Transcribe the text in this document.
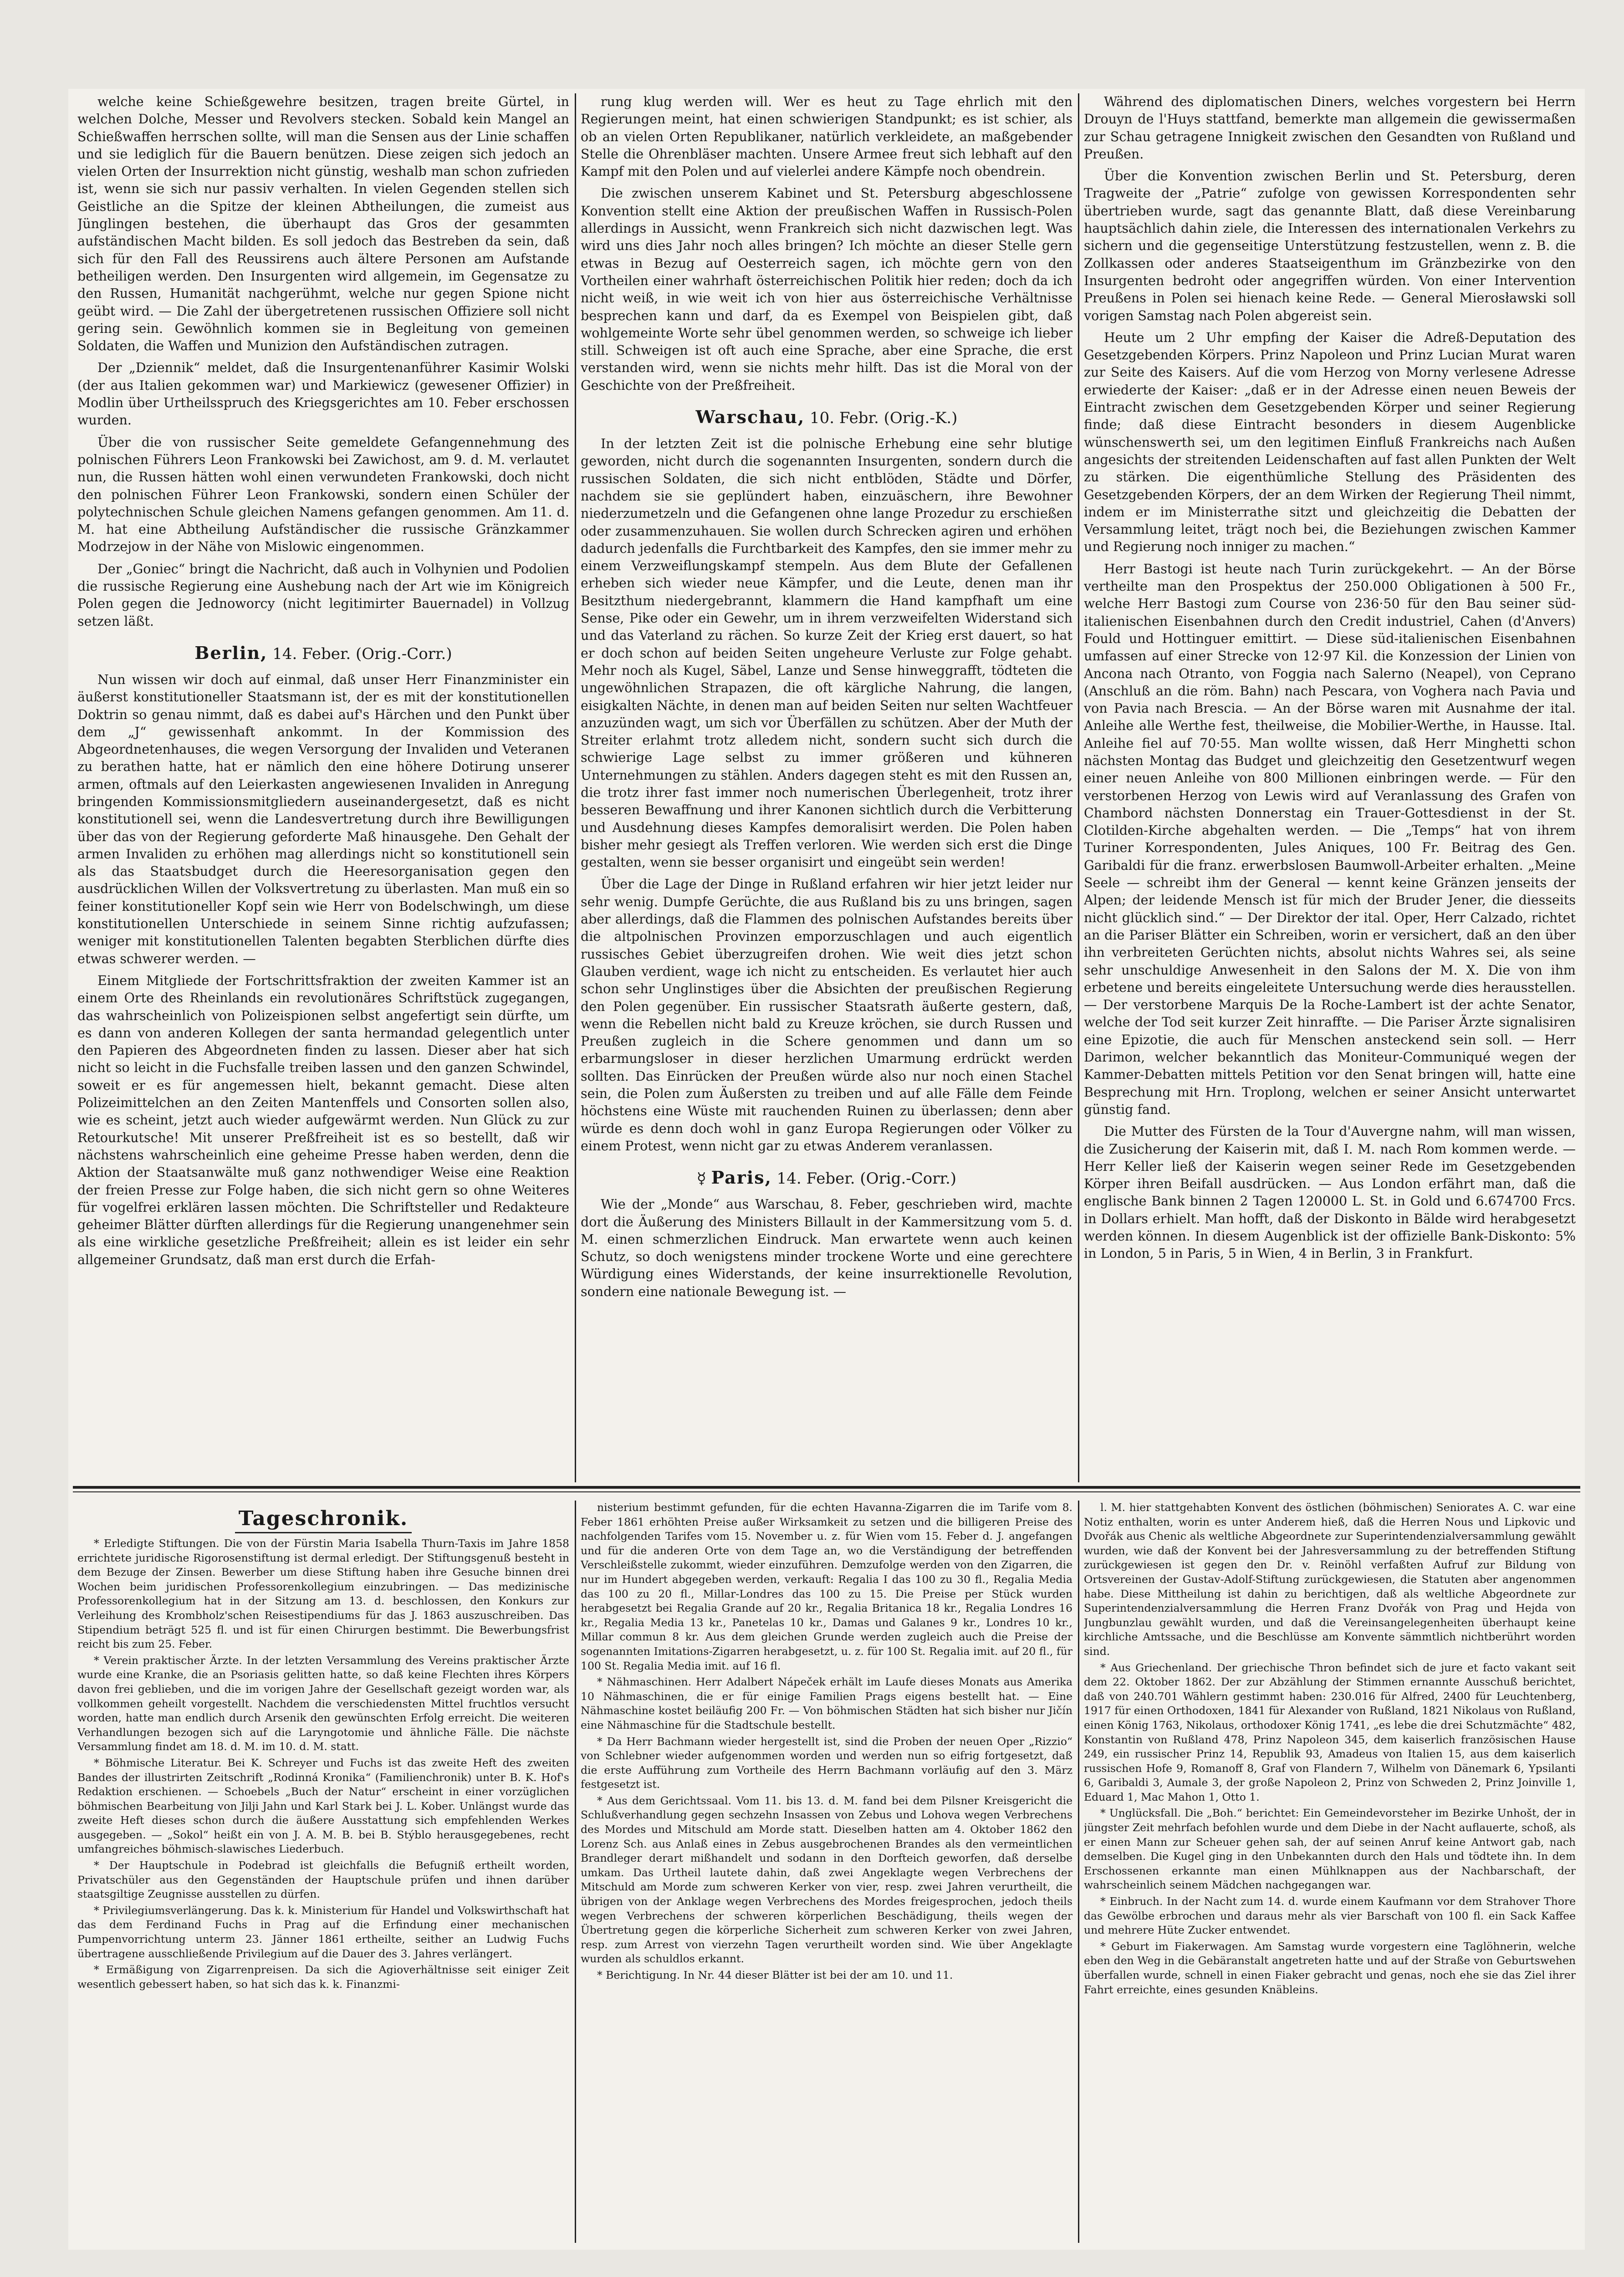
welche keine Schießgewehre besitzen, tragen breite Gürtel, in welchen Dolche, Messer und Revolvers stecken. Sobald kein Mangel an Schießwaffen herrschen sollte, will man die Sensen aus der Linie schaffen und sie lediglich für die Bauern benützen. Diese zeigen sich jedoch an vielen Orten der Insurrektion nicht günstig, weshalb man schon zufrieden ist, wenn sie sich nur passiv verhalten. In vielen Gegenden stellen sich Geistliche an die Spitze der kleinen Abtheilungen, die zumeist aus Jünglingen bestehen, die überhaupt das Gros der gesammten aufständischen Macht bilden. Es soll jedoch das Bestreben da sein, daß sich für den Fall des Reussirens auch ältere Personen am Aufstande betheiligen werden. Den Insurgenten wird allgemein, im Gegensatze zu den Russen, Humanität nachgerühmt, welche nur gegen Spione nicht geübt wird. — Die Zahl der übergetretenen russischen Offiziere soll nicht gering sein. Gewöhnlich kommen sie in Begleitung von gemeinen Soldaten, die Waffen und Munizion den Aufständischen zutragen.

Der „Dziennik“ meldet, daß die Insurgentenanführer Kasimir Wolski (der aus Italien gekommen war) und Markiewicz (gewesener Offizier) in Modlin über Urtheilsspruch des Kriegsgerichtes am 10. Feber erschossen wurden.

Über die von russischer Seite gemeldete Gefangennehmung des polnischen Führers Leon Frankowski bei Zawichost, am 9. d. M. verlautet nun, die Russen hätten wohl einen verwundeten Frankowski, doch nicht den polnischen Führer Leon Frankowski, sondern einen Schüler der polytechnischen Schule gleichen Namens gefangen genommen. Am 11. d. M. hat eine Abtheilung Aufständischer die russische Gränzkammer Modrzejow in der Nähe von Mislowic eingenommen.

Der „Goniec“ bringt die Nachricht, daß auch in Volhynien und Podolien die russische Regierung eine Aushebung nach der Art wie im Königreich Polen gegen die Jednoworcy (nicht legitimirter Bauernadel) in Vollzug setzen läßt.

Berlin, 14. Feber. (Orig.-Corr.)

Nun wissen wir doch auf einmal, daß unser Herr Finanzminister ein äußerst konstitutioneller Staatsmann ist, der es mit der konstitutionellen Doktrin so genau nimmt, daß es dabei auf's Härchen und den Punkt über dem „J“ gewissenhaft ankommt. In der Kommission des Abgeordnetenhauses, die wegen Versorgung der Invaliden und Veteranen zu berathen hatte, hat er nämlich den eine höhere Dotirung unserer armen, oftmals auf den Leierkasten angewiesenen Invaliden in Anregung bringenden Kommissionsmitgliedern auseinandergesetzt, daß es nicht konstitutionell sei, wenn die Landesvertretung durch ihre Bewilligungen über das von der Regierung geforderte Maß hinausgehe. Den Gehalt der armen Invaliden zu erhöhen mag allerdings nicht so konstitutionell sein als das Staatsbudget durch die Heeresorganisation gegen den ausdrücklichen Willen der Volksvertretung zu überlasten. Man muß ein so feiner konstitutioneller Kopf sein wie Herr von Bodelschwingh, um diese konstitutionellen Unterschiede in seinem Sinne richtig aufzufassen; weniger mit konstitutionellen Talenten begabten Sterblichen dürfte dies etwas schwerer werden. —

Einem Mitgliede der Fortschrittsfraktion der zweiten Kammer ist an einem Orte des Rheinlands ein revolutionäres Schriftstück zugegangen, das wahrscheinlich von Polizeispionen selbst angefertigt sein dürfte, um es dann von anderen Kollegen der santa hermandad gelegentlich unter den Papieren des Abgeordneten finden zu lassen. Dieser aber hat sich nicht so leicht in die Fuchsfalle treiben lassen und den ganzen Schwindel, soweit er es für angemessen hielt, bekannt gemacht. Diese alten Polizeimittelchen an den Zeiten Mantenffels und Consorten sollen also, wie es scheint, jetzt auch wieder aufgewärmt werden. Nun Glück zu zur Retourkutsche! Mit unserer Preßfreiheit ist es so bestellt, daß wir nächstens wahrscheinlich eine geheime Presse haben werden, denn die Aktion der Staatsanwälte muß ganz nothwendiger Weise eine Reaktion der freien Presse zur Folge haben, die sich nicht gern so ohne Weiteres für vogelfrei erklären lassen möchten. Die Schriftsteller und Redakteure geheimer Blätter dürften allerdings für die Regierung unangenehmer sein als eine wirkliche gesetzliche Preßfreiheit; allein es ist leider ein sehr allgemeiner Grundsatz, daß man erst durch die Erfah-

rung klug werden will. Wer es heut zu Tage ehrlich mit den Regierungen meint, hat einen schwierigen Standpunkt; es ist schier, als ob an vielen Orten Republikaner, natürlich verkleidete, an maßgebender Stelle die Ohrenbläser machten. Unsere Armee freut sich lebhaft auf den Kampf mit den Polen und auf vielerlei andere Kämpfe noch obendrein.

Die zwischen unserem Kabinet und St. Petersburg abgeschlossene Konvention stellt eine Aktion der preußischen Waffen in Russisch-Polen allerdings in Aussicht, wenn Frankreich sich nicht dazwischen legt. Was wird uns dies Jahr noch alles bringen? Ich möchte an dieser Stelle gern etwas in Bezug auf Oesterreich sagen, ich möchte gern von den Vortheilen einer wahrhaft österreichischen Politik hier reden; doch da ich nicht weiß, in wie weit ich von hier aus österreichische Verhältnisse besprechen kann und darf, da es Exempel von Beispielen gibt, daß wohlgemeinte Worte sehr übel genommen werden, so schweige ich lieber still. Schweigen ist oft auch eine Sprache, aber eine Sprache, die erst verstanden wird, wenn sie nichts mehr hilft. Das ist die Moral von der Geschichte von der Preßfreiheit.

Warschau, 10. Febr. (Orig.-K.)

In der letzten Zeit ist die polnische Erhebung eine sehr blutige geworden, nicht durch die sogenannten Insurgenten, sondern durch die russischen Soldaten, die sich nicht entblöden, Städte und Dörfer, nachdem sie sie geplündert haben, einzuäschern, ihre Bewohner niederzumetzeln und die Gefangenen ohne lange Prozedur zu erschießen oder zusammenzuhauen. Sie wollen durch Schrecken agiren und erhöhen dadurch jedenfalls die Furchtbarkeit des Kampfes, den sie immer mehr zu einem Verzweiflungskampf stempeln. Aus dem Blute der Gefallenen erheben sich wieder neue Kämpfer, und die Leute, denen man ihr Besitzthum niedergebrannt, klammern die Hand kampfhaft um eine Sense, Pike oder ein Gewehr, um in ihrem verzweifelten Widerstand sich und das Vaterland zu rächen. So kurze Zeit der Krieg erst dauert, so hat er doch schon auf beiden Seiten ungeheure Verluste zur Folge gehabt. Mehr noch als Kugel, Säbel, Lanze und Sense hinweggrafft, tödteten die ungewöhnlichen Strapazen, die oft kärgliche Nahrung, die langen, eisigkalten Nächte, in denen man auf beiden Seiten nur selten Wachtfeuer anzuzünden wagt, um sich vor Überfällen zu schützen. Aber der Muth der Streiter erlahmt trotz alledem nicht, sondern sucht sich durch die schwierige Lage selbst zu immer größeren und kühneren Unternehmungen zu stählen. Anders dagegen steht es mit den Russen an, die trotz ihrer fast immer noch numerischen Überlegenheit, trotz ihrer besseren Bewaffnung und ihrer Kanonen sichtlich durch die Verbitterung und Ausdehnung dieses Kampfes demoralisirt werden. Die Polen haben bisher mehr gesiegt als Treffen verloren. Wie werden sich erst die Dinge gestalten, wenn sie besser organisirt und eingeübt sein werden!

Über die Lage der Dinge in Rußland erfahren wir hier jetzt leider nur sehr wenig. Dumpfe Gerüchte, die aus Rußland bis zu uns bringen, sagen aber allerdings, daß die Flammen des polnischen Aufstandes bereits über die altpolnischen Provinzen emporzuschlagen und auch eigentlich russisches Gebiet überzugreifen drohen. Wie weit dies jetzt schon Glauben verdient, wage ich nicht zu entscheiden. Es verlautet hier auch schon sehr Unglinstiges über die Absichten der preußischen Regierung den Polen gegenüber. Ein russischer Staatsrath äußerte gestern, daß, wenn die Rebellen nicht bald zu Kreuze kröchen, sie durch Russen und Preußen zugleich in die Schere genommen und dann um so erbarmungsloser in dieser herzlichen Umarmung erdrückt werden sollten. Das Einrücken der Preußen würde also nur noch einen Stachel sein, die Polen zum Äußersten zu treiben und auf alle Fälle dem Feinde höchstens eine Wüste mit rauchenden Ruinen zu überlassen; denn aber würde es denn doch wohl in ganz Europa Regierungen oder Völker zu einem Protest, wenn nicht gar zu etwas Anderem veranlassen.

☿ Paris, 14. Feber. (Orig.-Corr.)

Wie der „Monde“ aus Warschau, 8. Feber, geschrieben wird, machte dort die Äußerung des Ministers Billault in der Kammersitzung vom 5. d. M. einen schmerzlichen Eindruck. Man erwartete wenn auch keinen Schutz, so doch wenigstens minder trockene Worte und eine gerechtere Würdigung eines Widerstands, der keine insurrektionelle Revolution, sondern eine nationale Bewegung ist. —

Während des diplomatischen Diners, welches vorgestern bei Herrn Drouyn de l'Huys stattfand, bemerkte man allgemein die gewissermaßen zur Schau getragene Innigkeit zwischen den Gesandten von Rußland und Preußen.

Über die Konvention zwischen Berlin und St. Petersburg, deren Tragweite der „Patrie“ zufolge von gewissen Korrespondenten sehr übertrieben wurde, sagt das genannte Blatt, daß diese Vereinbarung hauptsächlich dahin ziele, die Interessen des internationalen Verkehrs zu sichern und die gegenseitige Unterstützung festzustellen, wenn z. B. die Zollkassen oder anderes Staatseigenthum im Gränzbezirke von den Insurgenten bedroht oder angegriffen würden. Von einer Intervention Preußens in Polen sei hienach keine Rede. — General Mierosławski soll vorigen Samstag nach Polen abgereist sein.

Heute um 2 Uhr empfing der Kaiser die Adreß-Deputation des Gesetzgebenden Körpers. Prinz Napoleon und Prinz Lucian Murat waren zur Seite des Kaisers. Auf die vom Herzog von Morny verlesene Adresse erwiederte der Kaiser: „daß er in der Adresse einen neuen Beweis der Eintracht zwischen dem Gesetzgebenden Körper und seiner Regierung finde; daß diese Eintracht besonders in diesem Augenblicke wünschenswerth sei, um den legitimen Einfluß Frankreichs nach Außen angesichts der streitenden Leidenschaften auf fast allen Punkten der Welt zu stärken. Die eigenthümliche Stellung des Präsidenten des Gesetzgebenden Körpers, der an dem Wirken der Regierung Theil nimmt, indem er im Ministerrathe sitzt und gleichzeitig die Debatten der Versammlung leitet, trägt noch bei, die Beziehungen zwischen Kammer und Regierung noch inniger zu machen.“

Herr Bastogi ist heute nach Turin zurückgekehrt. — An der Börse vertheilte man den Prospektus der 250.000 Obligationen à 500 Fr., welche Herr Bastogi zum Course von 236·50 für den Bau seiner süd-italienischen Eisenbahnen durch den Credit industriel, Cahen (d'Anvers) Fould und Hottinguer emittirt. — Diese süd-italienischen Eisenbahnen umfassen auf einer Strecke von 12·97 Kil. die Konzession der Linien von Ancona nach Otranto, von Foggia nach Salerno (Neapel), von Ceprano (Anschluß an die röm. Bahn) nach Pescara, von Voghera nach Pavia und von Pavia nach Brescia. — An der Börse waren mit Ausnahme der ital. Anleihe alle Werthe fest, theilweise, die Mobilier-Werthe, in Hausse. Ital. Anleihe fiel auf 70·55. Man wollte wissen, daß Herr Minghetti schon nächsten Montag das Budget und gleichzeitig den Gesetzentwurf wegen einer neuen Anleihe von 800 Millionen einbringen werde. — Für den verstorbenen Herzog von Lewis wird auf Veranlassung des Grafen von Chambord nächsten Donnerstag ein Trauer-Gottesdienst in der St. Clotilden-Kirche abgehalten werden. — Die „Temps“ hat von ihrem Turiner Korrespondenten, Jules Aniques, 100 Fr. Beitrag des Gen. Garibaldi für die franz. erwerbslosen Baumwoll-Arbeiter erhalten. „Meine Seele — schreibt ihm der General — kennt keine Gränzen jenseits der Alpen; der leidende Mensch ist für mich der Bruder Jener, die diesseits nicht glücklich sind.“ — Der Direktor der ital. Oper, Herr Calzado, richtet an die Pariser Blätter ein Schreiben, worin er versichert, daß an den über ihn verbreiteten Gerüchten nichts, absolut nichts Wahres sei, als seine sehr unschuldige Anwesenheit in den Salons der M. X. Die von ihm erbetene und bereits eingeleitete Untersuchung werde dies herausstellen. — Der verstorbene Marquis De la Roche-Lambert ist der achte Senator, welche der Tod seit kurzer Zeit hinraffte. — Die Pariser Ärzte signalisiren eine Epizotie, die auch für Menschen ansteckend sein soll. — Herr Darimon, welcher bekanntlich das Moniteur-Communiqué wegen der Kammer-Debatten mittels Petition vor den Senat bringen will, hatte eine Besprechung mit Hrn. Troplong, welchen er seiner Ansicht unterwartet günstig fand.

Die Mutter des Fürsten de la Tour d'Auvergne nahm, will man wissen, die Zusicherung der Kaiserin mit, daß I. M. nach Rom kommen werde. — Herr Keller ließ der Kaiserin wegen seiner Rede im Gesetzgebenden Körper ihren Beifall ausdrücken. — Aus London erfährt man, daß die englische Bank binnen 2 Tagen 120000 L. St. in Gold und 6.674700 Frcs. in Dollars erhielt. Man hofft, daß der Diskonto in Bälde wird herabgesetzt werden können. In diesem Augenblick ist der offizielle Bank-Diskonto: 5% in London, 5 in Paris, 5 in Wien, 4 in Berlin, 3 in Frankfurt.

Tageschronik.

* Erledigte Stiftungen. Die von der Fürstin Maria Isabella Thurn-Taxis im Jahre 1858 errichtete juridische Rigorosenstiftung ist dermal erledigt. Der Stiftungsgenuß besteht in dem Bezuge der Zinsen. Bewerber um diese Stiftung haben ihre Gesuche binnen drei Wochen beim juridischen Professorenkollegium einzubringen. — Das medizinische Professorenkollegium hat in der Sitzung am 13. d. beschlossen, den Konkurs zur Verleihung des Krombholz'schen Reisestipendiums für das J. 1863 auszuschreiben. Das Stipendium beträgt 525 fl. und ist für einen Chirurgen bestimmt. Die Bewerbungsfrist reicht bis zum 25. Feber.

* Verein praktischer Ärzte. In der letzten Versammlung des Vereins praktischer Ärzte wurde eine Kranke, die an Psoriasis gelitten hatte, so daß keine Flechten ihres Körpers davon frei geblieben, und die im vorigen Jahre der Gesellschaft gezeigt worden war, als vollkommen geheilt vorgestellt. Nachdem die verschiedensten Mittel fruchtlos versucht worden, hatte man endlich durch Arsenik den gewünschten Erfolg erreicht. Die weiteren Verhandlungen bezogen sich auf die Laryngotomie und ähnliche Fälle. Die nächste Versammlung findet am 18. d. M. im 10. d. M. statt.

* Böhmische Literatur. Bei K. Schreyer und Fuchs ist das zweite Heft des zweiten Bandes der illustrirten Zeitschrift „Rodinná Kronika“ (Familienchronik) unter B. K. Hof's Redaktion erschienen. — Schoebels „Buch der Natur“ erscheint in einer vorzüglichen böhmischen Bearbeitung von Jilji Jahn und Karl Stark bei J. L. Kober. Unlängst wurde das zweite Heft dieses schon durch die äußere Ausstattung sich empfehlenden Werkes ausgegeben. — „Sokol“ heißt ein von J. A. M. B. bei B. Stýblo herausgegebenes, recht umfangreiches böhmisch-slawisches Liederbuch.

* Der Hauptschule in Podebrad ist gleichfalls die Befugniß ertheilt worden, Privatschüler aus den Gegenständen der Hauptschule prüfen und ihnen darüber staatsgiltige Zeugnisse ausstellen zu dürfen.

* Privilegiumsverlängerung. Das k. k. Ministerium für Handel und Volkswirthschaft hat das dem Ferdinand Fuchs in Prag auf die Erfindung einer mechanischen Pumpenvorrichtung unterm 23. Jänner 1861 ertheilte, seither an Ludwig Fuchs übertragene ausschließende Privilegium auf die Dauer des 3. Jahres verlängert.

* Ermäßigung von Zigarrenpreisen. Da sich die Agioverhältnisse seit einiger Zeit wesentlich gebessert haben, so hat sich das k. k. Finanzmi-

nisterium bestimmt gefunden, für die echten Havanna-Zigarren die im Tarife vom 8. Feber 1861 erhöhten Preise außer Wirksamkeit zu setzen und die billigeren Preise des nachfolgenden Tarifes vom 15. November u. z. für Wien vom 15. Feber d. J. angefangen und für die anderen Orte von dem Tage an, wo die Verständigung der betreffenden Verschleißstelle zukommt, wieder einzuführen. Demzufolge werden von den Zigarren, die nur im Hundert abgegeben werden, verkauft: Regalia I das 100 zu 30 fl., Regalia Media das 100 zu 20 fl., Millar-Londres das 100 zu 15. Die Preise per Stück wurden herabgesetzt bei Regalia Grande auf 20 kr., Regalia Britanica 18 kr., Regalia Londres 16 kr., Regalia Media 13 kr., Panetelas 10 kr., Damas und Galanes 9 kr., Londres 10 kr., Millar commun 8 kr. Aus dem gleichen Grunde werden zugleich auch die Preise der sogenannten Imitations-Zigarren herabgesetzt, u. z. für 100 St. Regalia imit. auf 20 fl., für 100 St. Regalia Media imit. auf 16 fl.

* Nähmaschinen. Herr Adalbert Nápeček erhält im Laufe dieses Monats aus Amerika 10 Nähmaschinen, die er für einige Familien Prags eigens bestellt hat. — Eine Nähmaschine kostet beiläufig 200 Fr. — Von böhmischen Städten hat sich bisher nur Jičín eine Nähmaschine für die Stadtschule bestellt.

* Da Herr Bachmann wieder hergestellt ist, sind die Proben der neuen Oper „Rizzio“ von Schlebner wieder aufgenommen worden und werden nun so eifrig fortgesetzt, daß die erste Aufführung zum Vortheile des Herrn Bachmann vorläufig auf den 3. März festgesetzt ist.

* Aus dem Gerichtssaal. Vom 11. bis 13. d. M. fand bei dem Pilsner Kreisgericht die Schlußverhandlung gegen sechzehn Insassen von Zebus und Lohova wegen Verbrechens des Mordes und Mitschuld am Morde statt. Dieselben hatten am 4. Oktober 1862 den Lorenz Sch. aus Anlaß eines in Zebus ausgebrochenen Brandes als den vermeintlichen Brandleger derart mißhandelt und sodann in den Dorfteich geworfen, daß derselbe umkam. Das Urtheil lautete dahin, daß zwei Angeklagte wegen Verbrechens der Mitschuld am Morde zum schweren Kerker von vier, resp. zwei Jahren verurtheilt, die übrigen von der Anklage wegen Verbrechens des Mordes freigesprochen, jedoch theils wegen Verbrechens der schweren körperlichen Beschädigung, theils wegen der Übertretung gegen die körperliche Sicherheit zum schweren Kerker von zwei Jahren, resp. zum Arrest von vierzehn Tagen verurtheilt worden sind. Wie über Angeklagte wurden als schuldlos erkannt.

* Berichtigung. In Nr. 44 dieser Blätter ist bei der am 10. und 11.

l. M. hier stattgehabten Konvent des östlichen (böhmischen) Seniorates A. C. war eine Notiz enthalten, worin es unter Anderem hieß, daß die Herren Nous und Lipkovic und Dvořák aus Chenic als weltliche Abgeordnete zur Superintendenzialversammlung gewählt wurden, wie daß der Konvent bei der Jahresversammlung zu der betreffenden Stiftung zurückgewiesen ist gegen den Dr. v. Reinöhl verfaßten Aufruf zur Bildung von Ortsvereinen der Gustav-Adolf-Stiftung zurückgewiesen, die Statuten aber angenommen habe. Diese Mittheilung ist dahin zu berichtigen, daß als weltliche Abgeordnete zur Superintendenzialversammlung die Herren Franz Dvořák von Prag und Hejda von Jungbunzlau gewählt wurden, und daß die Vereinsangelegenheiten überhaupt keine kirchliche Amtssache, und die Beschlüsse am Konvente sämmtlich nichtberührt worden sind.

* Aus Griechenland. Der griechische Thron befindet sich de jure et facto vakant seit dem 22. Oktober 1862. Der zur Abzählung der Stimmen ernannte Ausschuß berichtet, daß von 240.701 Wählern gestimmt haben: 230.016 für Alfred, 2400 für Leuchtenberg, 1917 für einen Orthodoxen, 1841 für Alexander von Rußland, 1821 Nikolaus von Rußland, einen König 1763, Nikolaus, orthodoxer König 1741, „es lebe die drei Schutzmächte“ 482, Konstantin von Rußland 478, Prinz Napoleon 345, dem kaiserlich französischen Hause 249, ein russischer Prinz 14, Republik 93, Amadeus von Italien 15, aus dem kaiserlich russischen Hofe 9, Romanoff 8, Graf von Flandern 7, Wilhelm von Dänemark 6, Ypsilanti 6, Garibaldi 3, Aumale 3, der große Napoleon 2, Prinz von Schweden 2, Prinz Joinville 1, Eduard 1, Mac Mahon 1, Otto 1.

* Unglücksfall. Die „Boh.“ berichtet: Ein Gemeindevorsteher im Bezirke Unhošt, der in jüngster Zeit mehrfach befohlen wurde und dem Diebe in der Nacht auflauerte, schoß, als er einen Mann zur Scheuer gehen sah, der auf seinen Anruf keine Antwort gab, nach demselben. Die Kugel ging in den Unbekannten durch den Hals und tödtete ihn. In dem Erschossenen erkannte man einen Mühlknappen aus der Nachbarschaft, der wahrscheinlich seinem Mädchen nachgegangen war.

* Einbruch. In der Nacht zum 14. d. wurde einem Kaufmann vor dem Strahover Thore das Gewölbe erbrochen und daraus mehr als vier Barschaft von 100 fl. ein Sack Kaffee und mehrere Hüte Zucker entwendet.

* Geburt im Fiakerwagen. Am Samstag wurde vorgestern eine Taglöhnerin, welche eben den Weg in die Gebäranstalt angetreten hatte und auf der Straße von Geburtswehen überfallen wurde, schnell in einen Fiaker gebracht und genas, noch ehe sie das Ziel ihrer Fahrt erreichte, eines gesunden Knäbleins.
